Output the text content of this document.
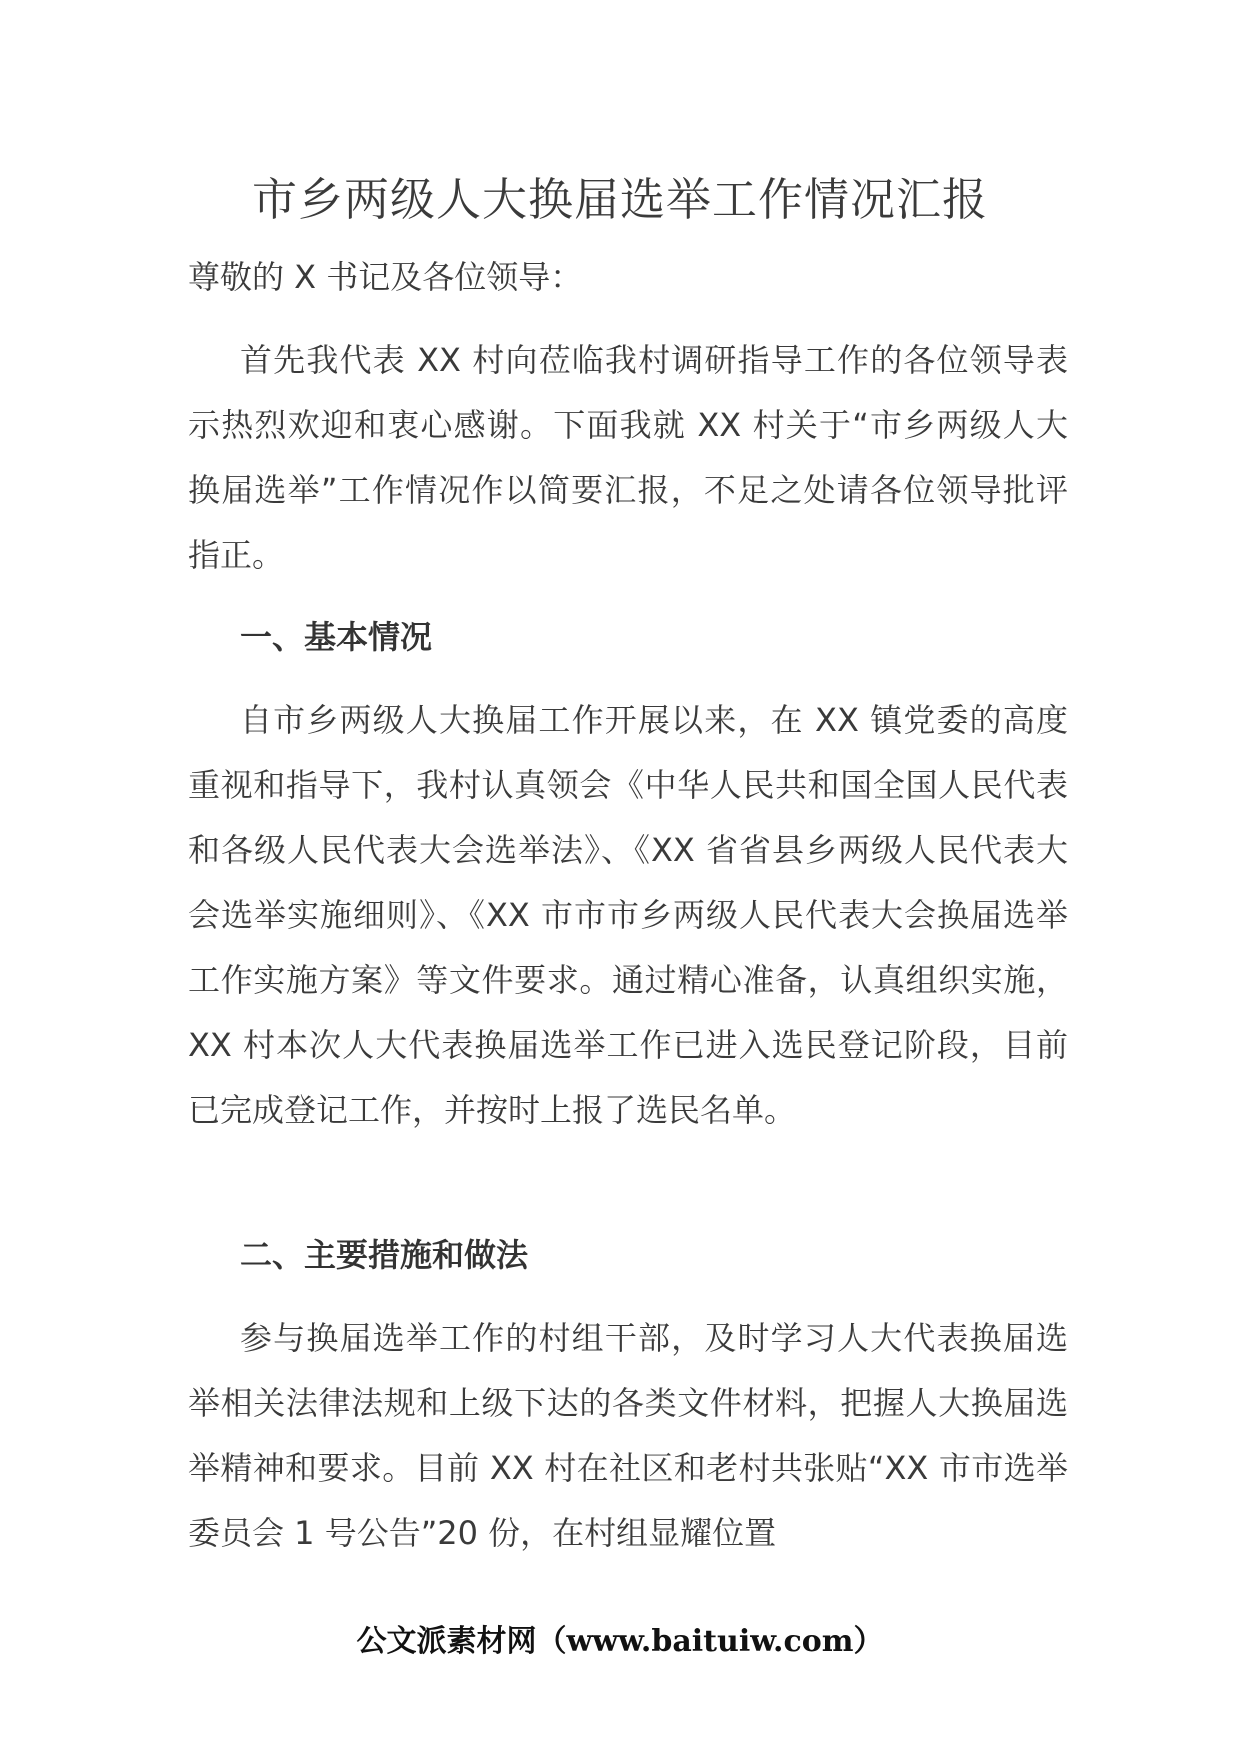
市乡两级人大换届选举工作情况汇报

尊敬的 X 书记及各位领导：

首先我代表 XX 村向莅临我村调研指导工作的各位领导表示热烈欢迎和衷心感谢。下面我就 XX 村关于“市乡两级人大换届选举”工作情况作以简要汇报，不足之处请各位领导批评指正。

一、基本情况

自市乡两级人大换届工作开展以来，在 XX 镇党委的高度重视和指导下，我村认真领会《中华人民共和国全国人民代表和各级人民代表大会选举法》、《XX 省省县乡两级人民代表大会选举实施细则》、《XX 市市市乡两级人民代表大会换届选举工作实施方案》等文件要求。通过精心准备，认真组织实施，XX 村本次人大代表换届选举工作已进入选民登记阶段，目前已完成登记工作，并按时上报了选民名单。

二、主要措施和做法

参与换届选举工作的村组干部，及时学习人大代表换届选举相关法律法规和上级下达的各类文件材料，把握人大换届选举精神和要求。目前 XX 村在社区和老村共张贴“XX 市市选举委员会 1 号公告”20 份，在村组显耀位置

公文派素材网（www.baituiw.com）
